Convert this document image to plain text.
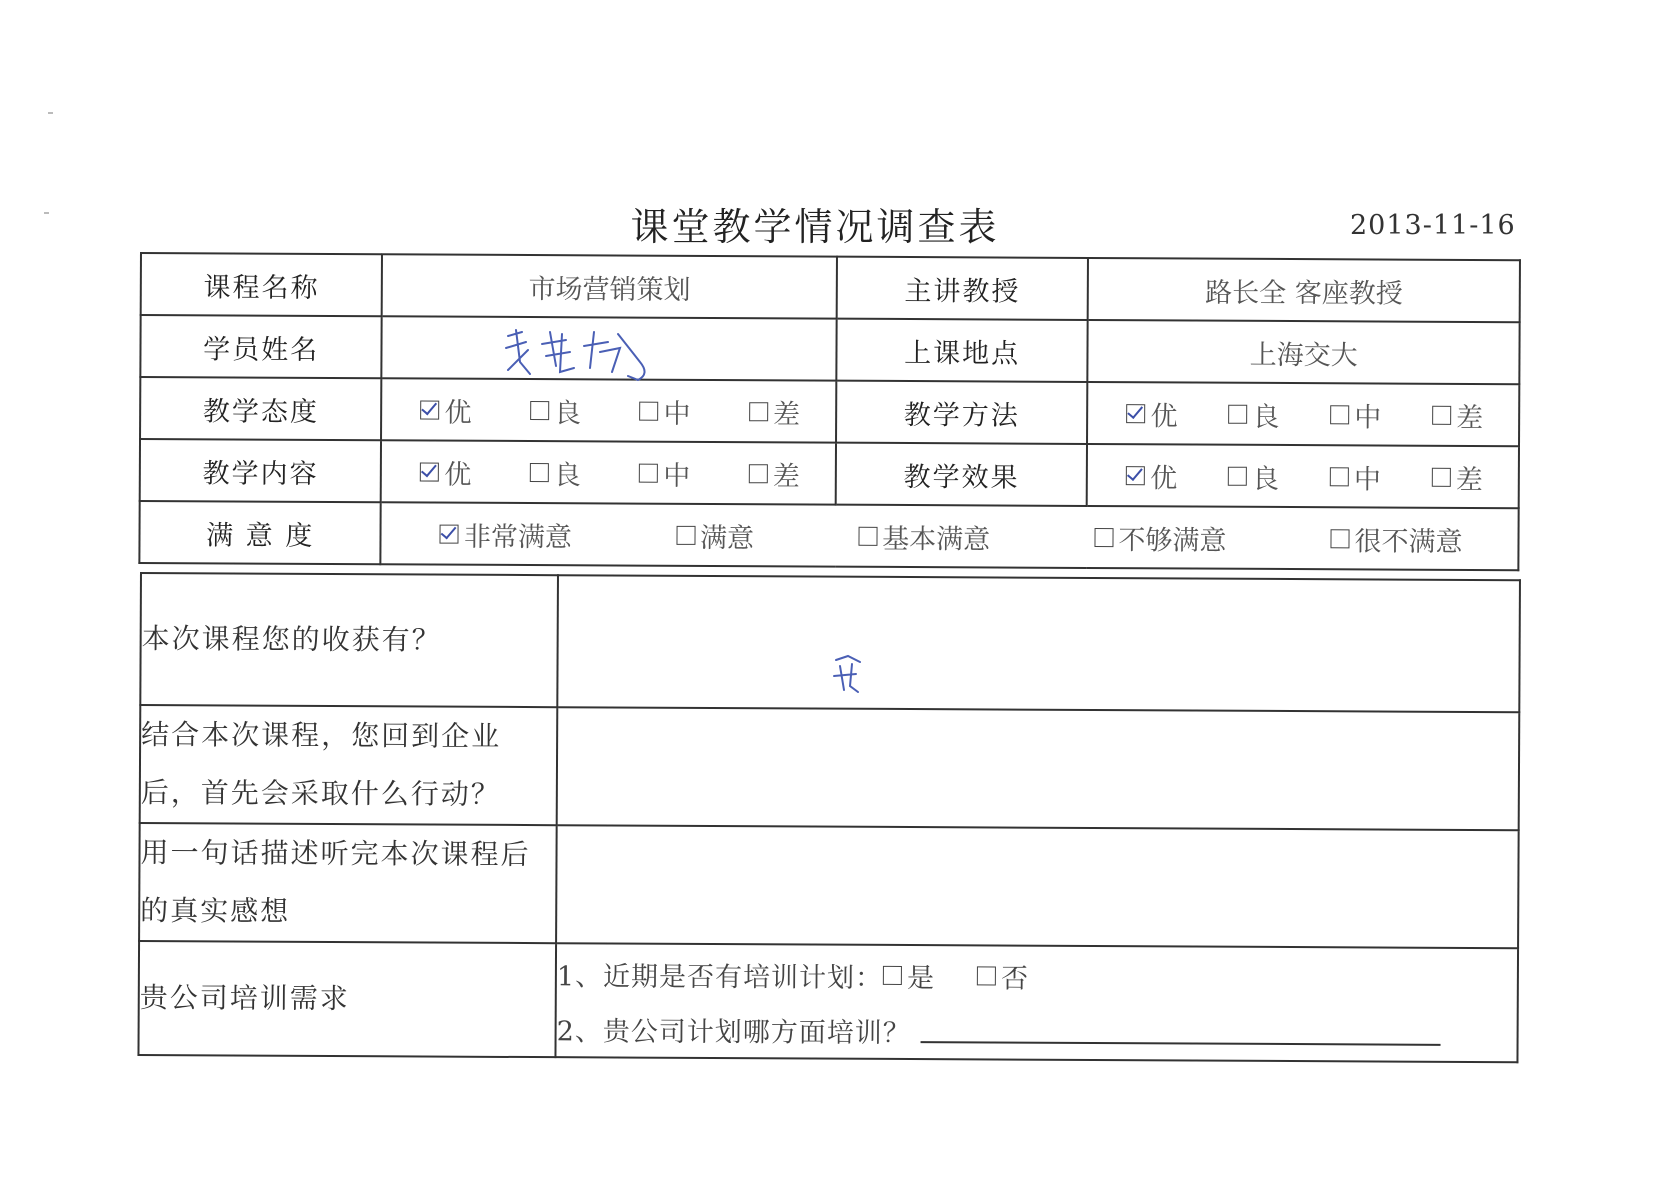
课堂教学情况调查表	2013-11-16
课程名称	市场营销策划	主讲教授	路长全 客座教授
学员姓名		上课地点	上海交大
教学态度	优 良 中 差	教学方法	优 良 中 差

教学内容	优 良 中 差	教学效果	优 良 中 差

满 意 度	非常满意 满意 基本满意 不够满意 很不满意		
本次课程您的收获有？	
结合本次课程，您回到企业后，首先会采取什么行动？	
用一句话描述听完本次课程后的真实感想	
贵公司培训需求	1、近期是否有培训计划： 是 否
2、贵公司计划哪方面培训？
